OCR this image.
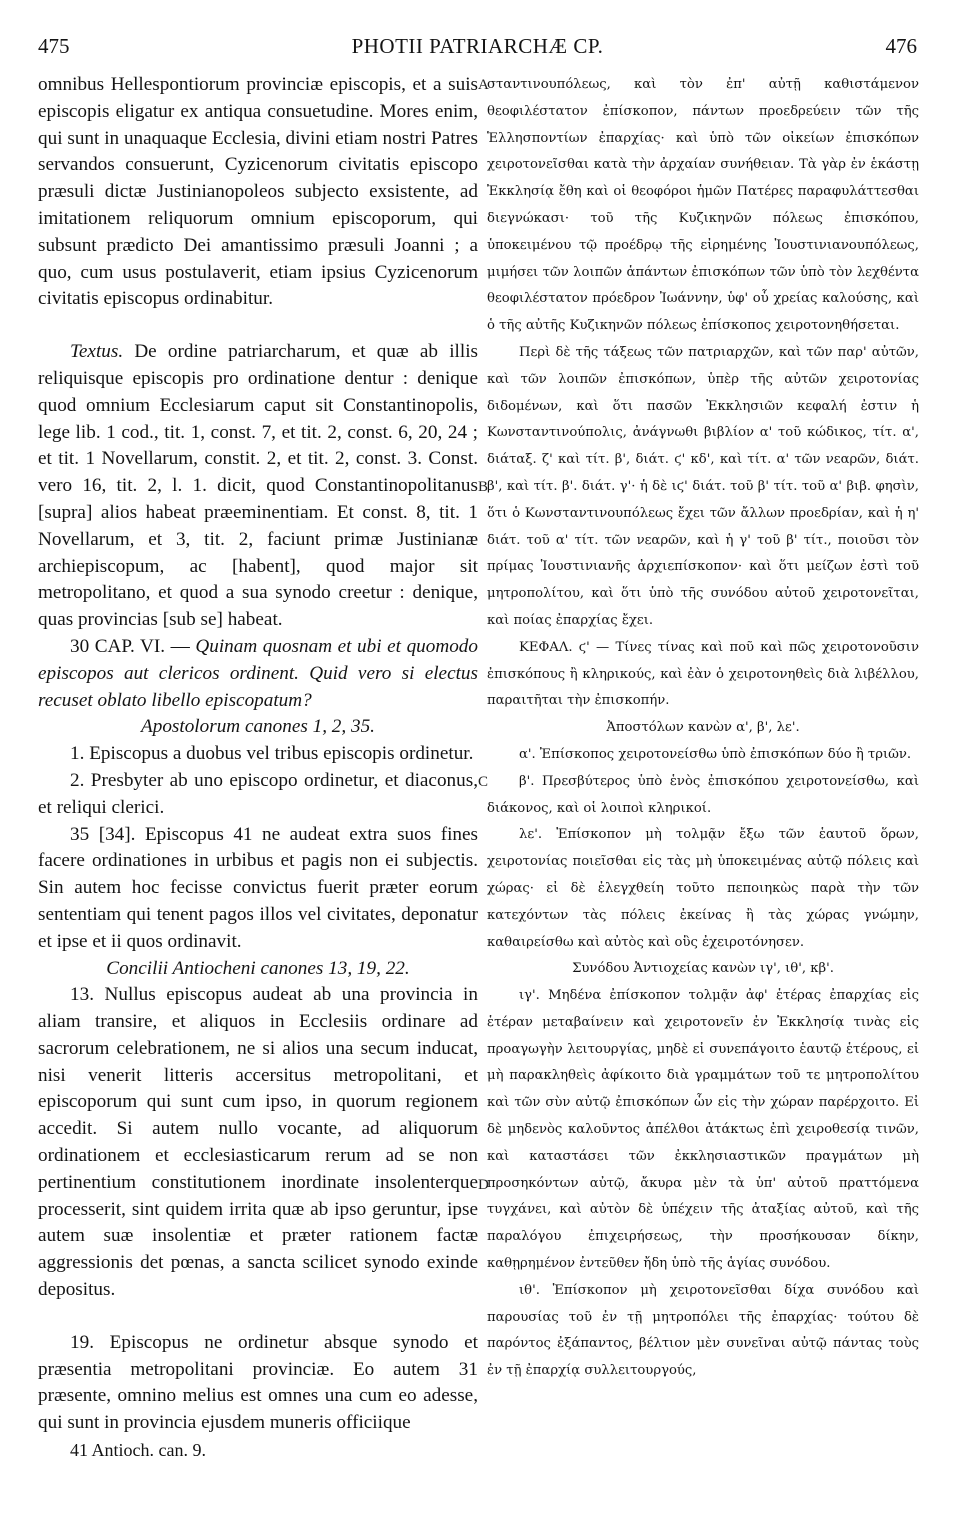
475	PHOTII PATRIARCHÆ CP.	476
A
B
C
D

omnibus Hellespontiorum provinciæ episcopis, et a suis episcopis eligatur ex antiqua consuetudine. Mores enim, qui sunt in unaquaque Ecclesia, divini etiam nostri Patres servandos consuerunt, Cyzicenorum civitatis episcopo præsuli dictæ Justinianopoleos subjecto exsistente, ad imitationem reliquorum omnium episcoporum, qui subsunt prædicto Dei amantissimo præsuli Joanni ; a quo, cum usus postulaverit, etiam ipsius Cyzicenorum civitatis episcopus ordinabitur.

Textus. De ordine patriarcharum, et quæ ab illis reliquisque episcopis pro ordinatione dentur : denique quod omnium Ecclesiarum caput sit Constantinopolis, lege lib. 1 cod., tit. 1, const. 7, et tit. 2, const. 6, 20, 24 ; et tit. 1 Novellarum, constit. 2, et tit. 2, const. 3. Const. vero 16, tit. 2, l. 1. dicit, quod Constantinopolitanus [supra] alios habeat præeminentiam. Et const. 8, tit. 1 Novellarum, et 3, tit. 2, faciunt primæ Justinianæ archiepiscopum, ac [habent], quod major sit metropolitano, et quod a sua synodo creetur : denique, quas provincias [sub se] habeat.

30 CAP. VI. — Quinam quosnam et ubi et quomodo episcopos aut clericos ordinent. Quid vero si electus recuset oblato libello episcopatum?

Apostolorum canones 1, 2, 35.

1. Episcopus a duobus vel tribus episcopis ordinetur.

2. Presbyter ab uno episcopo ordinetur, et diaconus, et reliqui clerici.

35 [34]. Episcopus 41 ne audeat extra suos fines facere ordinationes in urbibus et pagis non ei subjectis. Sin autem hoc fecisse convictus fuerit præter eorum sententiam qui tenent pagos illos vel civitates, deponatur et ipse et ii quos ordinavit.

Concilii Antiocheni canones 13, 19, 22.

13. Nullus episcopus audeat ab una provincia in aliam transire, et aliquos in Ecclesiis ordinare ad sacrorum celebrationem, ne si alios una secum inducat, nisi venerit litteris accersitus metropolitani, et episcoporum qui sunt cum ipso, in quorum regionem accedit. Si autem nullo vocante, ad aliquorum ordinationem et ecclesiasticarum rerum ad se non pertinentium constitutionem inordinate insolenterque processerit, sint quidem irrita quæ ab ipso geruntur, ipse autem suæ insolentiæ et præter rationem factæ aggressionis det pœnas, a sancta scilicet synodo exinde depositus.

19. Episcopus ne ordinetur absque synodo et præsentia metropolitani provinciæ. Eo autem 31 præsente, omnino melius est omnes una cum eo adesse, qui sunt in provincia ejusdem muneris officiique

41 Antioch. can. 9.

σταντινουπόλεως, καὶ τὸν ἐπ' αὐτῇ καθιστάμενον θεοφιλέστατον ἐπίσκοπον, πάντων προεδρεύειν τῶν τῆς Ἑλλησποντίων ἐπαρχίας· καὶ ὑπὸ τῶν οἰκείων ἐπισκόπων χειροτονεῖσθαι κατὰ τὴν ἀρχαίαν συνήθειαν. Τὰ γὰρ ἐν ἑκάστῃ Ἐκκλησίᾳ ἔθη καὶ οἱ θεοφόροι ἡμῶν Πατέρες παραφυλάττεσθαι διεγνώκασι· τοῦ τῆς Κυζικηνῶν πόλεως ἐπισκόπου, ὑποκειμένου τῷ προέδρῳ τῆς εἰρημένης Ἰουστινιανουπόλεως, μιμήσει τῶν λοιπῶν ἁπάντων ἐπισκόπων τῶν ὑπὸ τὸν λεχθέντα θεοφιλέστατον πρόεδρον Ἰωάννην, ὑφ' οὗ χρείας καλούσης, καὶ ὁ τῆς αὐτῆς Κυζικηνῶν πόλεως ἐπίσκοπος χειροτονηθήσεται.

Περὶ δὲ τῆς τάξεως τῶν πατριαρχῶν, καὶ τῶν παρ' αὐτῶν, καὶ τῶν λοιπῶν ἐπισκόπων, ὑπὲρ τῆς αὐτῶν χειροτονίας διδομένων, καὶ ὅτι πασῶν Ἐκκλησιῶν κεφαλή ἐστιν ἡ Κωνσταντινούπολις, ἀνάγνωθι βιβλίον α' τοῦ κώδικος, τίτ. α', διάταξ. ζ' καὶ τίτ. β', διάτ. ϛ' κδ', καὶ τίτ. α' τῶν νεαρῶν, διάτ. β', καὶ τίτ. β'. διάτ. γ'· ἡ δὲ ιϛ' διάτ. τοῦ β' τίτ. τοῦ α' βιβ. φησὶν, ὅτι ὁ Κωνσταντινουπόλεως ἔχει τῶν ἄλλων προεδρίαν, καὶ ἡ η' διάτ. τοῦ α' τίτ. τῶν νεαρῶν, καὶ ἡ γ' τοῦ β' τίτ., ποιοῦσι τὸν πρίμας Ἰουστινιανῆς ἀρχιεπίσκοπον· καὶ ὅτι μείζων ἐστὶ τοῦ μητροπολίτου, καὶ ὅτι ὑπὸ τῆς συνόδου αὐτοῦ χειροτονεῖται, καὶ ποίας ἐπαρχίας ἔχει.

ΚΕΦΑΛ. ϛ' — Τίνες τίνας καὶ ποῦ καὶ πῶς χειροτονοῦσιν ἐπισκόπους ἢ κληρικούς, καὶ ἐὰν ὁ χειροτονηθεὶς διὰ λιβέλλου, παραιτῆται τὴν ἐπισκοπήν.

Ἀποστόλων κανὼν α', β', λε'.

α'. Ἐπίσκοπος χειροτονείσθω ὑπὸ ἐπισκόπων δύο ἢ τριῶν.

β'. Πρεσβύτερος ὑπὸ ἑνὸς ἐπισκόπου χειροτονείσθω, καὶ διάκονος, καὶ οἱ λοιποὶ κληρικοί.

λε'. Ἐπίσκοπον μὴ τολμᾷν ἔξω τῶν ἑαυτοῦ ὅρων, χειροτονίας ποιεῖσθαι εἰς τὰς μὴ ὑποκειμένας αὐτῷ πόλεις καὶ χώρας· εἰ δὲ ἐλεγχθείη τοῦτο πεποιηκὼς παρὰ τὴν τῶν κατεχόντων τὰς πόλεις ἐκείνας ἢ τὰς χώρας γνώμην, καθαιρείσθω καὶ αὐτὸς καὶ οὓς ἐχειροτόνησεν.

Συνόδου Ἀντιοχείας κανὼν ιγ', ιθ', κβ'.

ιγ'. Μηδένα ἐπίσκοπον τολμᾷν ἀφ' ἑτέρας ἐπαρχίας εἰς ἑτέραν μεταβαίνειν καὶ χειροτονεῖν ἐν Ἐκκλησίᾳ τινὰς εἰς προαγωγὴν λειτουργίας, μηδὲ εἰ συνεπάγοιτο ἑαυτῷ ἑτέρους, εἰ μὴ παρακληθεὶς ἀφίκοιτο διὰ γραμμάτων τοῦ τε μητροπολίτου καὶ τῶν σὺν αὐτῷ ἐπισκόπων ὧν εἰς τὴν χώραν παρέρχοιτο. Εἰ δὲ μηδενὸς καλοῦντος ἀπέλθοι ἀτάκτως ἐπὶ χειροθεσίᾳ τινῶν, καὶ καταστάσει τῶν ἐκκλησιαστικῶν πραγμάτων μὴ προσηκόντων αὐτῷ, ἄκυρα μὲν τὰ ὑπ' αὐτοῦ πραττόμενα τυγχάνει, καὶ αὐτὸν δὲ ὑπέχειν τῆς ἀταξίας αὐτοῦ, καὶ τῆς παραλόγου ἐπιχειρήσεως, τὴν προσήκουσαν δίκην, καθῃρημένον ἐντεῦθεν ἤδη ὑπὸ τῆς ἁγίας συνόδου.

ιθ'. Ἐπίσκοπον μὴ χειροτονεῖσθαι δίχα συνόδου καὶ παρουσίας τοῦ ἐν τῇ μητροπόλει τῆς ἐπαρχίας· τούτου δὲ παρόντος ἐξάπαντος, βέλτιον μὲν συνεῖναι αὐτῷ πάντας τοὺς ἐν τῇ ἐπαρχίᾳ συλλειτουργούς,
